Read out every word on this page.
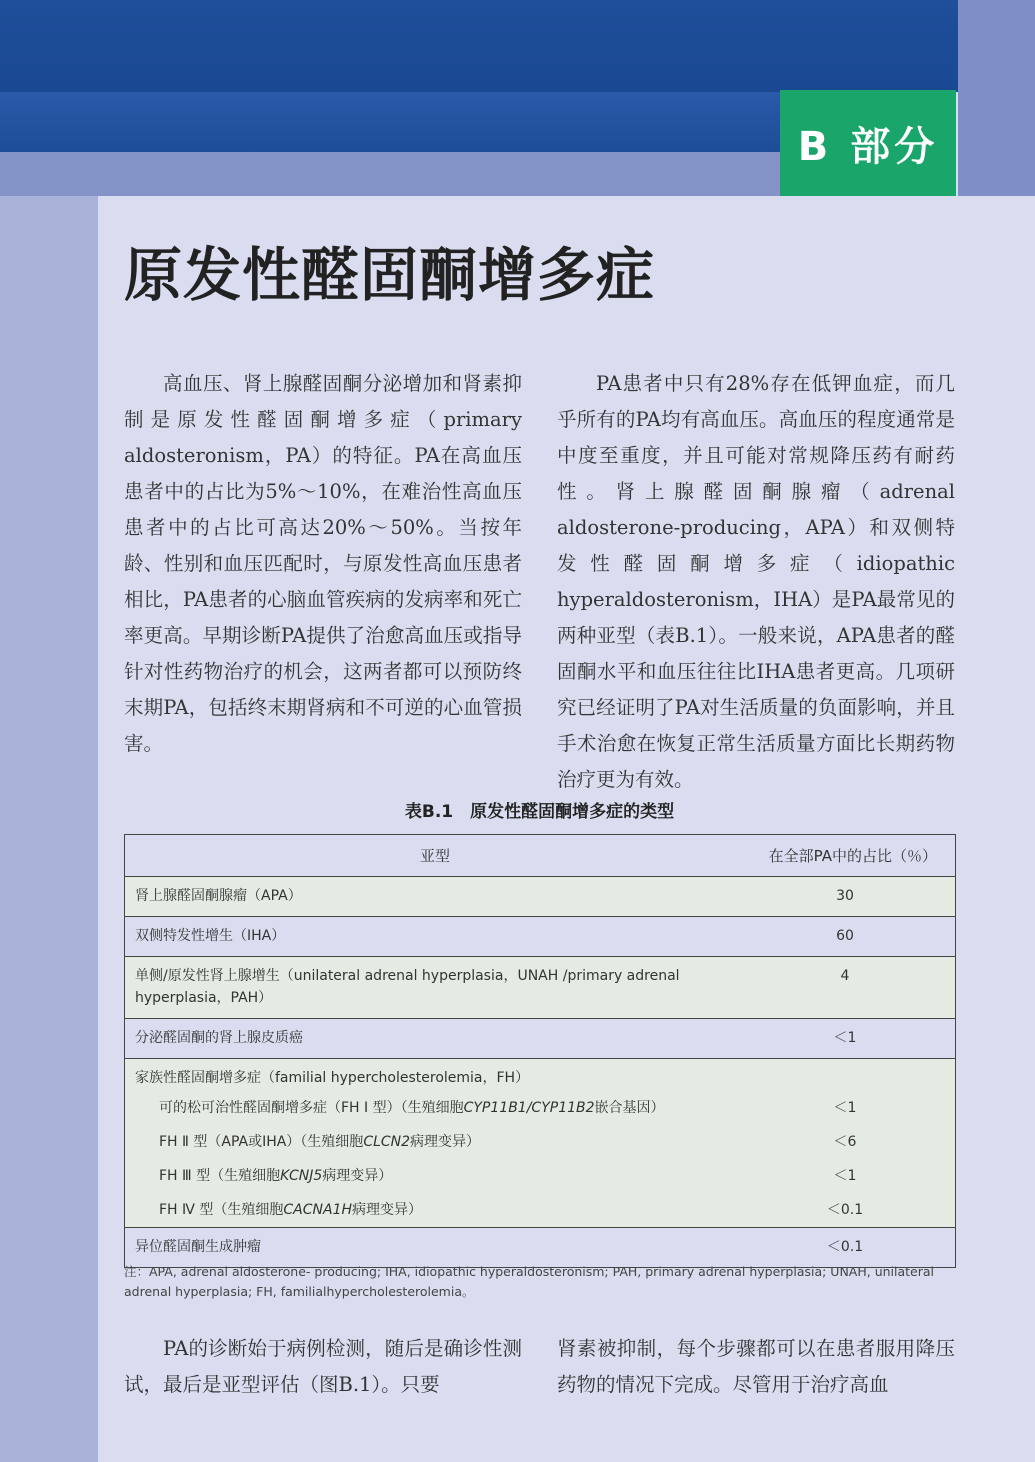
B 部分
原发性醛固酮增多症

高血压、肾上腺醛固酮分泌增加和肾素抑制是原发性醛固酮增多症（primary aldosteronism，PA）的特征。PA在高血压患者中的占比为5%～10%，在难治性高血压患者中的占比可高达20%～50%。当按年龄、性别和血压匹配时，与原发性高血压患者相比，PA患者的心脑血管疾病的发病率和死亡率更高。早期诊断PA提供了治愈高血压或指导针对性药物治疗的机会，这两者都可以预防终末期PA，包括终末期肾病和不可逆的心血管损害。

PA患者中只有28%存在低钾血症，而几乎所有的PA均有高血压。高血压的程度通常是中度至重度，并且可能对常规降压药有耐药性。肾上腺醛固酮腺瘤（adrenal aldosterone-producing，APA）和双侧特发性醛固酮增多症（idiopathic hyperaldosteronism，IHA）是PA最常见的两种亚型（表B.1）。一般来说，APA患者的醛固酮水平和血压往往比IHA患者更高。几项研究已经证明了PA对生活质量的负面影响，并且手术治愈在恢复正常生活质量方面比长期药物治疗更为有效。

表B.1　原发性醛固酮增多症的类型
亚型	在全部PA中的占比（％）
肾上腺醛固酮腺瘤（APA）	30
双侧特发性增生（IHA）	60
单侧/原发性肾上腺增生（unilateral adrenal hyperplasia，UNAH /primary adrenal hyperplasia，PAH）	4
分泌醛固酮的肾上腺皮质癌	＜1
家族性醛固酮增多症（familial hypercholesterolemia，FH）	
可的松可治性醛固酮增多症（FH Ⅰ 型）（生殖细胞CYP11B1/CYP11B2嵌合基因）	＜1
FH Ⅱ 型（APA或IHA）（生殖细胞CLCN2病理变异）	＜6
FH Ⅲ 型（生殖细胞KCNJ5病理变异）	＜1
FH Ⅳ 型（生殖细胞CACNA1H病理变异）	＜0.1
异位醛固酮生成肿瘤	＜0.1
注：APA, adrenal aldosterone- producing; IHA, idiopathic hyperaldosteronism; PAH, primary adrenal hyperplasia; UNAH, unilateral adrenal hyperplasia; FH, familialhypercholesterolemia。

PA的诊断始于病例检测，随后是确诊性测试，最后是亚型评估（图B.1）。只要

肾素被抑制，每个步骤都可以在患者服用降压药物的情况下完成。尽管用于治疗高血
